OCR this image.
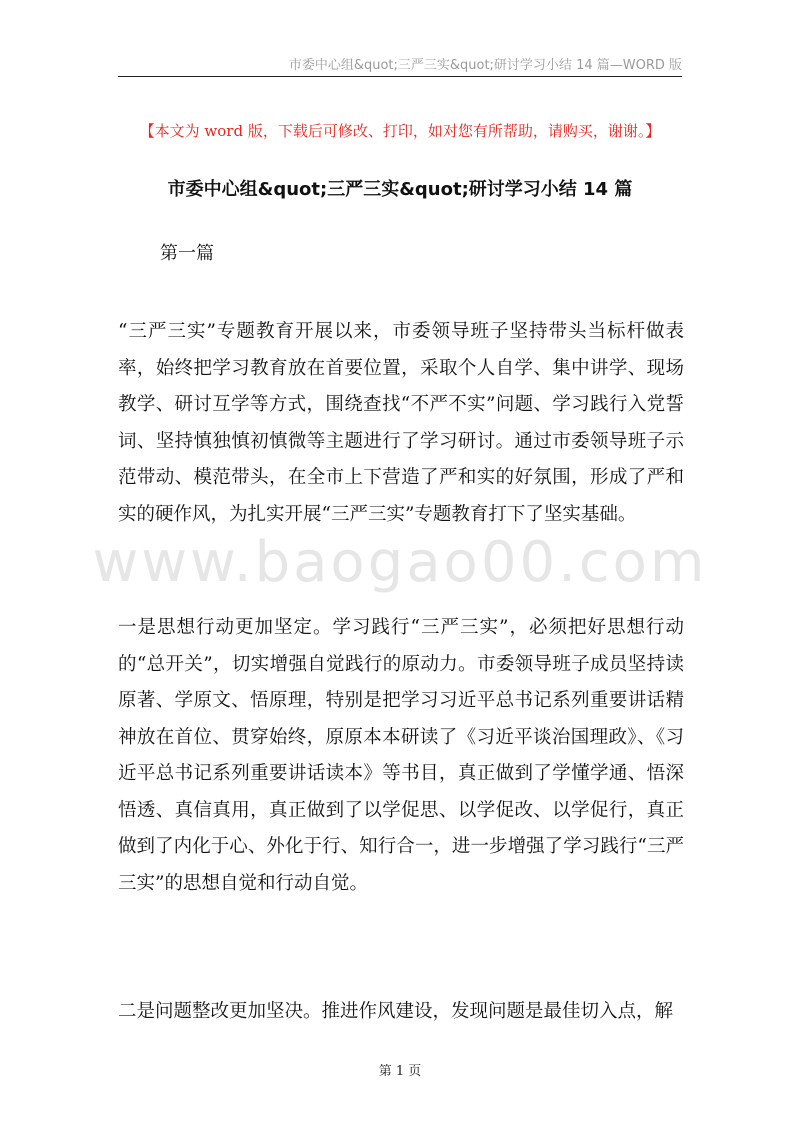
市委中心组&quot;三严三实&quot;研讨学习小结 14 篇—WORD 版
【本文为 word 版，下载后可修改、打印，如对您有所帮助，请购买，谢谢。】
市委中心组&quot;三严三实&quot;研讨学习小结 14 篇
第一篇

“三严三实”专题教育开展以来，市委领导班子坚持带头当标杆做表率，始终把学习教育放在首要位置，采取个人自学、集中讲学、现场教学、研讨互学等方式，围绕查找“不严不实”问题、学习践行入党誓词、坚持慎独慎初慎微等主题进行了学习研讨。通过市委领导班子示范带动、模范带头，在全市上下营造了严和实的好氛围，形成了严和实的硬作风，为扎实开展“三严三实”专题教育打下了坚实基础。

一是思想行动更加坚定。学习践行“三严三实”，必须把好思想行动的“总开关”，切实增强自觉践行的原动力。市委领导班子成员坚持读原著、学原文、悟原理，特别是把学习习近平总书记系列重要讲话精神放在首位、贯穿始终，原原本本研读了《习近平谈治国理政》、《习近平总书记系列重要讲话读本》等书目，真正做到了学懂学通、悟深悟透、真信真用，真正做到了以学促思、以学促改、以学促行，真正做到了内化于心、外化于行、知行合一，进一步增强了学习践行“三严三实”的思想自觉和行动自觉。

二是问题整改更加坚决。推进作风建设，发现问题是最佳切入点，解

www.baogao00.com
第 1 页
